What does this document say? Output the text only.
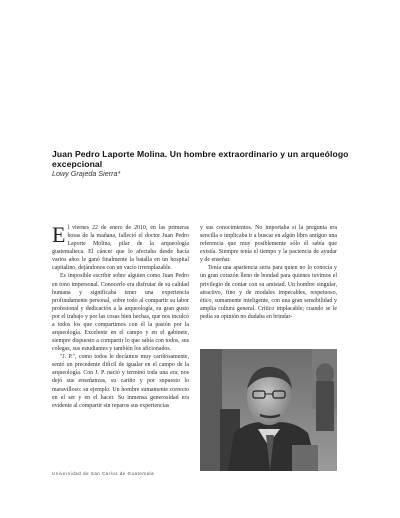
Juan Pedro Laporte Molina. Un hombre extraordinario y un arqueólogo excepcional
Lowy Grajeda Sierra*

El viernes 22 de enero de 2010, en las primeras horas de la mañana, falleció el doctor Juan Pedro Laporte Molina, pilar de la arqueología guatemalteca. El cáncer que lo afectaba desde hacía varios años le ganó finalmente la batalla en un hospital capitalino, dejándonos con un vacío irremplazable.

Es imposible escribir sobre alguien como Juan Pedro en tono impersonal. Conocerlo era disfrutar de su calidad humana y significaba tener una experiencia profundamente personal, sobre todo al compartir su labor profesional y dedicación a la arqueología, su gran gusto por el trabajo y por las cosas bien hechas, que nos inculcó a todos los que compartimos con él la pasión por la arqueología. Excelente en el campo y en el gabinete, siempre dispuesto a compartir lo que sabía con todos, sus colegas, sus estudiantes y también los aficionados.

"J. P.", como todos le decíamos muy cariñosamente, sentó un precedente difícil de igualar en el campo de la arqueología. Con J. P. nació y terminó toda una era; nos dejó sus enseñanzas, su cariño y por supuesto lo maravilloso: su ejemplo. Un hombre sumamente correcto en el ser y en el hacer. Su inmensa generosidad era evidente al compartir sin reparos sus experiencias

y sus conocimientos. No importaba si la pregunta era sencilla o implicaba ir a buscar en algún libro antiguo una referencia que muy posiblemente sólo él sabía que existía. Siempre tenía el tiempo y la paciencia de ayudar y de enseñar.

Tenía una apariencia seria para quien no lo conocía y un gran corazón lleno de bondad para quienes tuvimos el privilegio de contar con su amistad. Un hombre singular, atractivo, fino y de modales impecables, respetuoso, ético, sumamente inteligente, con una gran sensibilidad y amplia cultura general. Crítico implacable; cuando se le pedía su opinión no dudaba en brindar-

Universidad de San Carlos de Guatemala
